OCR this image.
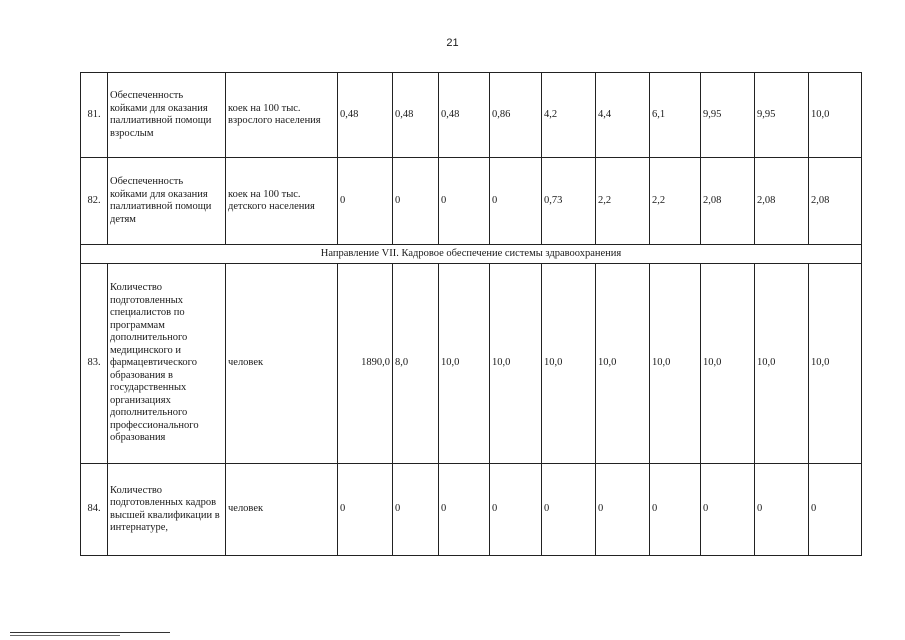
21
81.	Обеспеченность койками для оказания паллиативной помощи взрослым	коек на 100 тыс. взрослого населения	0,48	0,48	0,48	0,86	4,2	4,4	6,1	9,95	9,95	10,0
82.	Обеспеченность койками для оказания паллиативной помощи детям	коек на 100 тыс. детского населения	0	0	0	0	0,73	2,2	2,2	2,08	2,08	2,08
Направление VII. Кадровое обеспечение системы здравоохранения												
83.	Количество подготовленных специалистов по программам дополнительного медицинского и фармацевтического образования в государственных организациях дополнительного профессионального образования	человек	1890,0	8,0	10,0	10,0	10,0	10,0	10,0	10,0	10,0	10,0
84.	Количество подготовленных кадров высшей квалификации в интернатуре,	человек	0	0	0	0	0	0	0	0	0	0
